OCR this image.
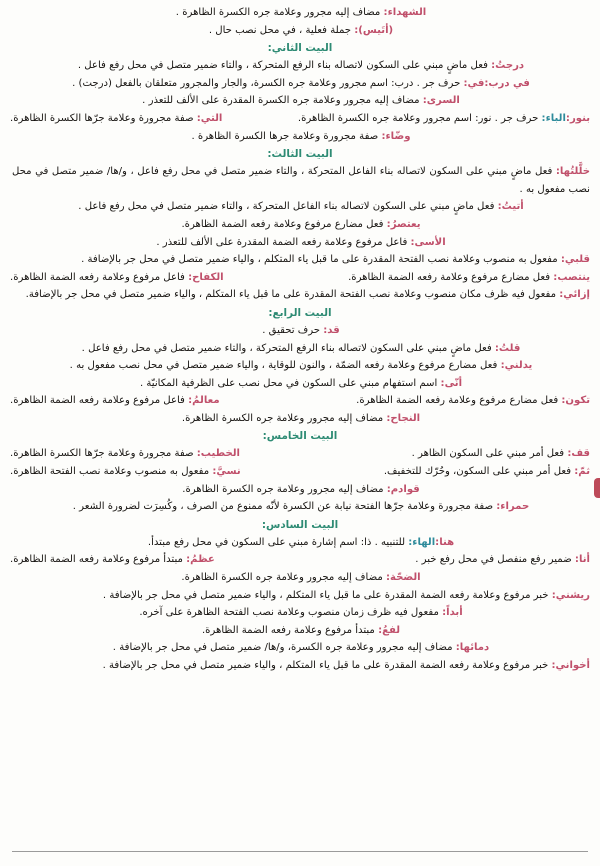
الشهداء: مضاف إليه مجرور وعلامة جره الكسرة الظاهرة .
(أتَيس): جملة فعلية ، في محل نصب حال .
البيت الثاني:
درجتُ: فعل ماضٍ مبني على السكون لاتصاله بناء الرفع المتحركة ، والتاء ضمير متصل في محل رفع فاعل .
في درب:في: حرف جر . درب: اسم مجرور وعلامة جره الكسرة، والجار والمجرور متعلقان بالفعل (درجت) .
السرى: مضاف إليه مجرور وعلامة جره الكسرة المقدرة على الألف للتعذر .
بنور:الباء: حرف جر . نور: اسم مجرور وعلامة جره الكسرة الظاهرة.
التي: صفة مجرورة وعلامة جرّها الكسرة الظاهرة.
وضّاء: صفة مجرورة وعلامة جرها الكسرة الظاهرة .
البيت الثالث:
خلَّلتُها: فعل ماضٍ مبني على السكون لاتصاله بناء الفاعل المتحركة ، والتاء ضمير متصل في محل رفع فاعل ، و/ها/ ضمير متصل في محل نصب مفعول به .
أتيتُ: فعل ماضٍ مبني على السكون لاتصاله بناء الفاعل المتحركة ، والتاء ضمير متصل في محل رفع فاعل .
يعتصرُ: فعل مضارع مرفوع وعلامة رفعه الضمة الظاهرة.
الأسى: فاعل مرفوع وعلامة رفعه الضمة المقدرة على الألف للتعذر .
قلبي: مفعول به منصوب وعلامة نصب الفتحة المقدرة على ما قبل ياء المتكلم ، والياء ضمير متصل في محل جر بالإضافة .
ينتصب: فعل مضارع مرفوع وعلامة رفعه الضمة الظاهرة.
الكفاح: فاعل مرفوع وعلامة رفعه الضمة الظاهرة.
إزائي: مفعول فيه ظرف مكان منصوب وعلامة نصب الفتحة المقدرة على ما قبل ياء المتكلم ، والياء ضمير متصل في محل جر بالإضافة.
البيت الرابع:
قد: حرف تحقيق .
قلتُ: فعل ماضٍ مبني على السكون لاتصاله بناء الرفع المتحركة ، والتاء ضمير متصل في محل رفع فاعل .
يدلني: فعل مضارع مرفوع وعلامة رفعه الضمّة ، والنون للوقاية ، والياء ضمير متصل في محل نصب مفعول به .
أنّى: اسم استفهام مبني على السكون في محل نصب على الظرفية المكانيّة .
تكون: فعل مضارع مرفوع وعلامة رفعه الضمة الظاهرة.
معالمُ: فاعل مرفوع وعلامة رفعه الضمة الظاهرة.
النجاح: مضاف إليه مجرور وعلامة جره الكسرة الظاهرة.
البيت الخامس:
قف: فعل أمر مبني على السكون الظاهر .
الخطيب: صفة مجرورة وعلامة جرّها الكسرة الظاهرة.
ثمّ: فعل أمر مبني على السكون، وحُرّك للتخفيف.
نسيَّ: مفعول به منصوب وعلامة نصب الفتحة الظاهرة.
قوادم: مضاف إليه مجرور وعلامة جره الكسرة الظاهرة.
حمراء: صفة مجرورة وعلامة جرّها الفتحة نيابة عن الكسرة لأنّه ممنوع من الصرف ، وكُسِرَت لضرورة الشعر .
البيت السادس:
هنا:الهاء: للتنبيه . ذا: اسم إشارة مبني على السكون في محل رفع مبتدأ.
أنا: ضمير رفع منفصل في محل رفع خبر .
عظمُ: مبتدأ مرفوع وعلامة رفعه الضمة الظاهرة.
الضحّة: مضاف إليه مجرور وعلامة جره الكسرة الظاهرة.
ريشني: خبر مرفوع وعلامة رفعه الضمة المقدرة على ما قبل ياء المتكلم ، والياء ضمير متصل في محل جر بالإضافة .
أبداً: مفعول فيه ظرف زمان منصوب وعلامة نصب الفتحة الظاهرة على آخره.
لفعُ: مبتدأ مرفوع وعلامة رفعه الضمة الظاهرة.
دمائها: مضاف إليه مجرور وعلامة جره الكسرة، و/ها/ ضمير متصل في محل جر بالإضافة .
أخواني: خبر مرفوع وعلامة رفعه الضمة المقدرة على ما قبل ياء المتكلم ، والياء ضمير متصل في محل جر بالإضافة .
